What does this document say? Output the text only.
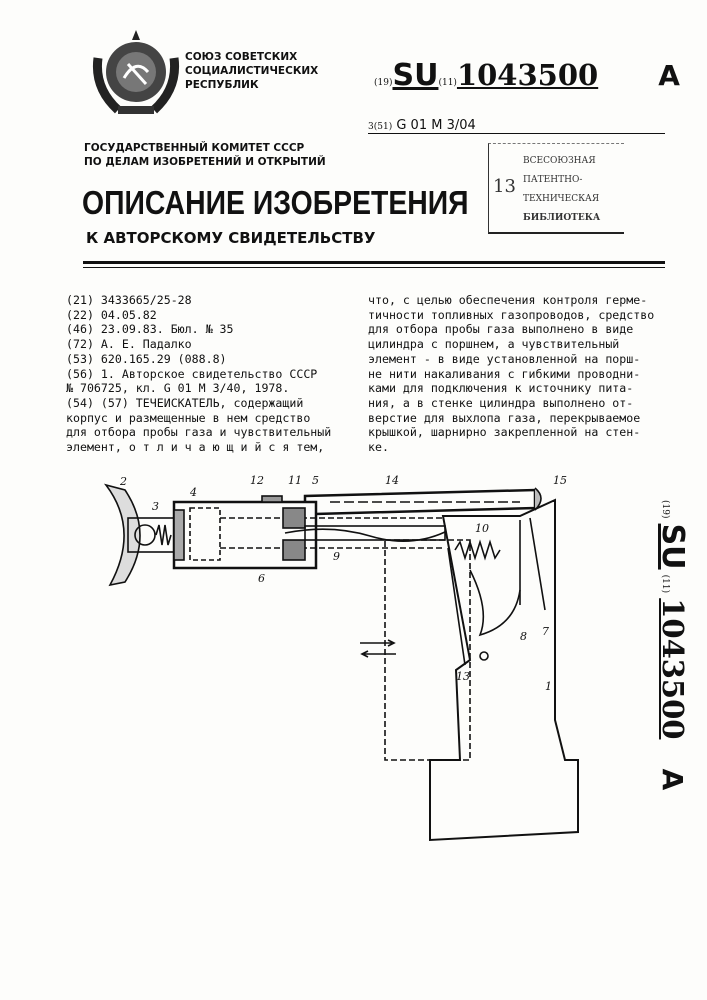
СОЮЗ СОВЕТСКИХ
СОЦИАЛИСТИЧЕСКИХ
РЕСПУБЛИК	(19)SU(11)1043500 A
3(51) G 01 M 3/04
ГОСУДАРСТВЕННЫЙ КОМИТЕТ СССР
ПО ДЕЛАМ ИЗОБРЕТЕНИЙ И ОТКРЫТИЙ
13
ВСЕСОЮЗНАЯ
ПАТЕНТНО-
ТЕХНИЧЕСКАЯ
БИБЛИОТЕКА
ОПИСАНИЕ ИЗОБРЕТЕНИЯ
К АВТОРСКОМУ СВИДЕТЕЛЬСТВУ
(21) 3433665/25-28
(22) 04.05.82
(46) 23.09.83. Бюл. № 35
(72) А. Е. Падалко
(53) 620.165.29 (088.8)
(56) 1. Авторское свидетельство СССР
№ 706725, кл. G 01 M 3/40, 1978.
(54) (57) ТЕЧЕИСКАТЕЛЬ, содержащий
корпус и размещенные в нем средство
для отбора пробы газа и чувствительный
элемент, о т л и ч а ю щ и й с я тем,
что, с целью обеспечения контроля герме-
тичности топливных газопроводов, средство
для отбора пробы газа выполнено в виде
цилиндра с поршнем, а чувствительный
элемент - в виде установленной на порш-
не нити накаливания с гибкими проводни-
ками для подключения к источнику пита-
ния, а в стенке цилиндра выполнено от-
верстие для выхлопа газа, перекрываемое
крышкой, шарнирно закрепленной на стен-
ке.
2
3
4
5
6
7
8
9
10
11
12
13
14	15
1
(19) SU (11) 1043500 A
